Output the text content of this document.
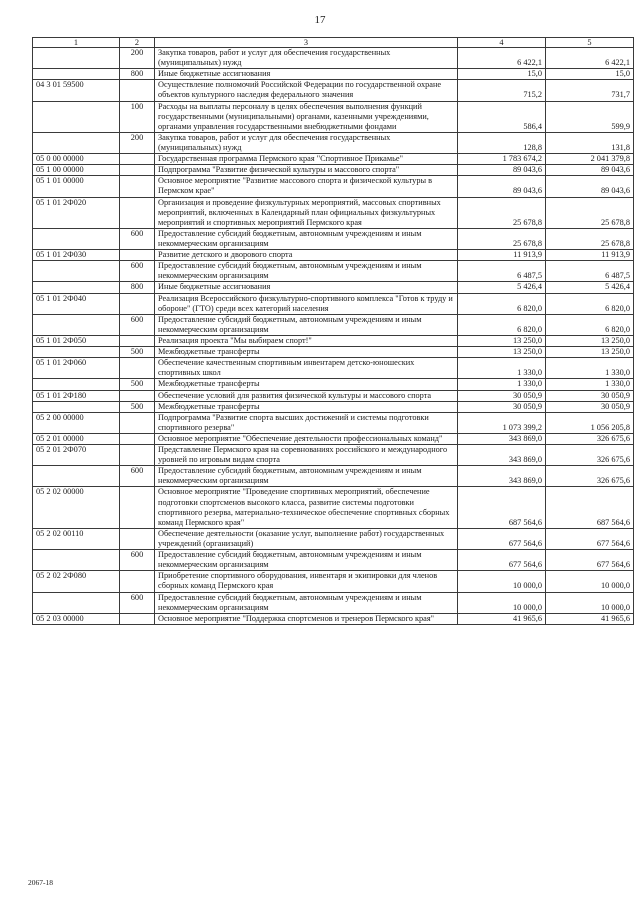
17
1	2	3	4	5
	200	Закупка товаров, работ и услуг для обеспечения государственных (муниципальных) нужд	6 422,1	6 422,1
	800	Иные бюджетные ассигнования	15,0	15,0
04 3 01 59500		Осуществление полномочий Российской Федерации по государственной охране объектов культурного наследия федерального значения	715,2	731,7
	100	Расходы на выплаты персоналу в целях обеспечения выполнения функций государственными (муниципальными) органами, казенными учреждениями, органами управления государственными внебюджетными фондами	586,4	599,9
	200	Закупка товаров, работ и услуг для обеспечения государственных (муниципальных) нужд	128,8	131,8
05 0 00 00000		Государственная программа Пермского края "Спортивное Прикамье"	1 783 674,2	2 041 379,8
05 1 00 00000		Подпрограмма "Развитие физической культуры и массового спорта"	89 043,6	89 043,6
05 1 01 00000		Основное мероприятие "Развитие массового спорта и физической культуры в Пермском крае"	89 043,6	89 043,6
05 1 01 2Ф020		Организация и проведение физкультурных мероприятий, массовых спортивных мероприятий, включенных в Календарный план официальных физкультурных мероприятий и спортивных мероприятий Пермского края	25 678,8	25 678,8
	600	Предоставление субсидий бюджетным, автономным учреждениям и иным некоммерческим организациям	25 678,8	25 678,8
05 1 01 2Ф030		Развитие детского и дворового спорта	11 913,9	11 913,9
	600	Предоставление субсидий бюджетным, автономным учреждениям и иным некоммерческим организациям	6 487,5	6 487,5
	800	Иные бюджетные ассигнования	5 426,4	5 426,4
05 1 01 2Ф040		Реализация Всероссийского физкультурно-спортивного комплекса "Готов к труду и обороне" (ГТО) среди всех категорий населения	6 820,0	6 820,0
	600	Предоставление субсидий бюджетным, автономным учреждениям и иным некоммерческим организациям	6 820,0	6 820,0
05 1 01 2Ф050		Реализация проекта "Мы выбираем спорт!"	13 250,0	13 250,0
	500	Межбюджетные трансферты	13 250,0	13 250,0
05 1 01 2Ф060		Обеспечение качественным спортивным инвентарем детско-юношеских спортивных школ	1 330,0	1 330,0
	500	Межбюджетные трансферты	1 330,0	1 330,0
05 1 01 2Ф180		Обеспечение условий для развития физической культуры и массового спорта	30 050,9	30 050,9
	500	Межбюджетные трансферты	30 050,9	30 050,9
05 2 00 00000		Подпрограмма "Развитие спорта высших достижений и системы подготовки спортивного резерва"	1 073 399,2	1 056 205,8
05 2 01 00000		Основное мероприятие "Обеспечение деятельности профессиональных команд"	343 869,0	326 675,6
05 2 01 2Ф070		Представление Пермского края на соревнованиях российского и международного уровней по игровым видам спорта	343 869,0	326 675,6
	600	Предоставление субсидий бюджетным, автономным учреждениям и иным некоммерческим организациям	343 869,0	326 675,6
05 2 02 00000		Основное мероприятие "Проведение спортивных мероприятий, обеспечение подготовки спортсменов высокого класса, развитие системы подготовки спортивного резерва, материально-техническое обеспечение спортивных сборных команд Пермского края"	687 564,6	687 564,6
05 2 02 00110		Обеспечение деятельности (оказание услуг, выполнение работ) государственных учреждений (организаций)	677 564,6	677 564,6
	600	Предоставление субсидий бюджетным, автономным учреждениям и иным некоммерческим организациям	677 564,6	677 564,6
05 2 02 2Ф080		Приобретение спортивного оборудования, инвентаря и экипировки для членов сборных команд Пермского края	10 000,0	10 000,0
	600	Предоставление субсидий бюджетным, автономным учреждениям и иным некоммерческим организациям	10 000,0	10 000,0
05 2 03 00000		Основное мероприятие "Поддержка спортсменов и тренеров Пермского края"	41 965,6	41 965,6
2067-18
